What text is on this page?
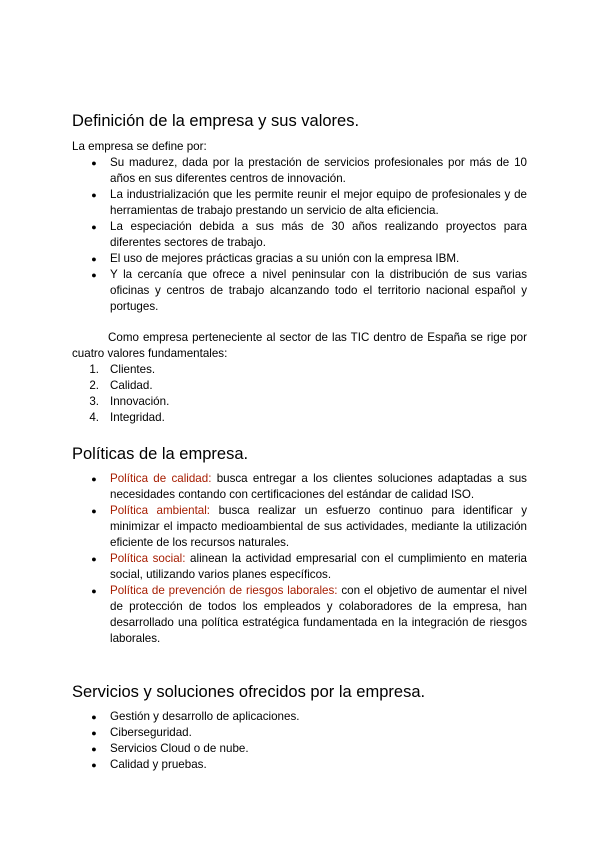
Definición de la empresa y sus valores.

La empresa se define por:

●	Su madurez, dada por la prestación de servicios profesionales por más de 10 años en sus diferentes centros de innovación.
●	La industrialización que les permite reunir el mejor equipo de profesionales y de herramientas de trabajo prestando un servicio de alta eficiencia.
●	La especiación debida a sus más de 30 años realizando proyectos para diferentes sectores de trabajo.
●	El uso de mejores prácticas gracias a su unión con la empresa IBM.
●	Y la cercanía que ofrece a nivel peninsular con la distribución de sus varias oficinas y centros de trabajo alcanzando todo el territorio nacional español y portuges.

Como empresa perteneciente al sector de las TIC dentro de España se rige por cuatro valores fundamentales:

1. Clientes.
2. Calidad.
3. Innovación.
4. Integridad.
Políticas de la empresa.
●	Política de calidad: busca entregar a los clientes soluciones adaptadas a sus necesidades contando con certificaciones del estándar de calidad ISO.
●	Política ambiental: busca realizar un esfuerzo continuo para identificar y minimizar el impacto medioambiental de sus actividades, mediante la utilización eficiente de los recursos naturales.
●	Política social: alinean la actividad empresarial con el cumplimiento en materia social, utilizando varios planes específicos.
●	Política de prevención de riesgos laborales: con el objetivo de aumentar el nivel de protección de todos los empleados y colaboradores de la empresa, han desarrollado una política estratégica fundamentada en la integración de riesgos laborales.
Servicios y soluciones ofrecidos por la empresa.
●	Gestión y desarrollo de aplicaciones.
●	Ciberseguridad.
●	Servicios Cloud o de nube.
●	Calidad y pruebas.
